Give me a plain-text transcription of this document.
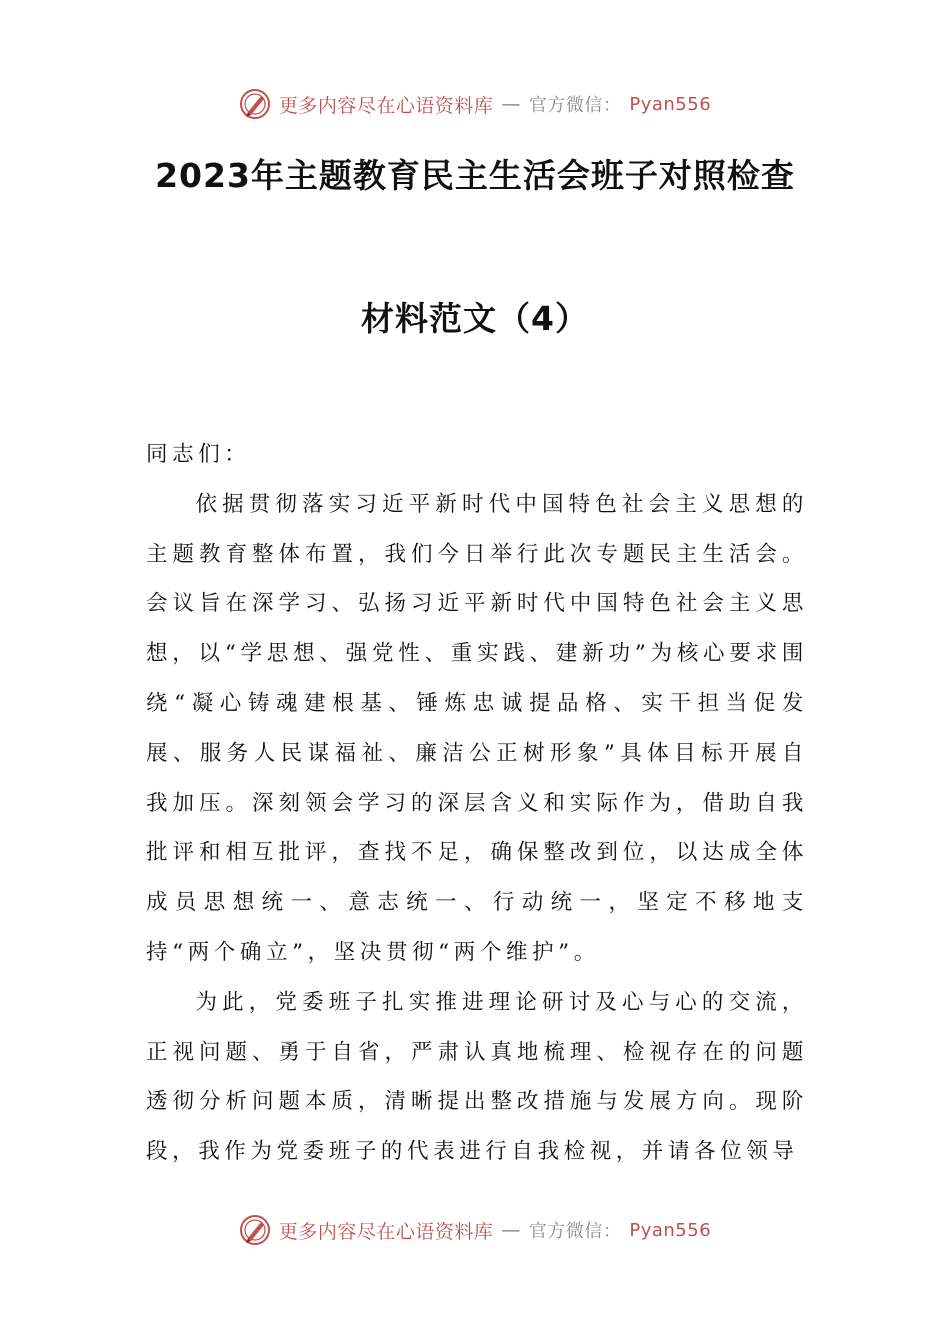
更多内容尽在心语资料库 — 官方微信： Pyan556
2023年主题教育民主生活会班子对照检查
材料范文（4）

同志们：

依据贯彻落实习近平新时代中国特色社会主义思想的主题教育整体布置，我们今日举行此次专题民主生活会。会议旨在深学习、弘扬习近平新时代中国特色社会主义思想，以“学思想、强党性、重实践、建新功”为核心要求围绕“凝心铸魂建根基、锤炼忠诚提品格、实干担当促发展、服务人民谋福祉、廉洁公正树形象”具体目标开展自我加压。深刻领会学习的深层含义和实际作为，借助自我批评和相互批评，查找不足，确保整改到位，以达成全体成员思想统一、意志统一、行动统一，坚定不移地支持“两个确立”，坚决贯彻“两个维护”。

为此，党委班子扎实推进理论研讨及心与心的交流，正视问题、勇于自省，严肃认真地梳理、检视存在的问题透彻分析问题本质，清晰提出整改措施与发展方向。现阶段，我作为党委班子的代表进行自我检视，并请各位领导

更多内容尽在心语资料库 — 官方微信： Pyan556
